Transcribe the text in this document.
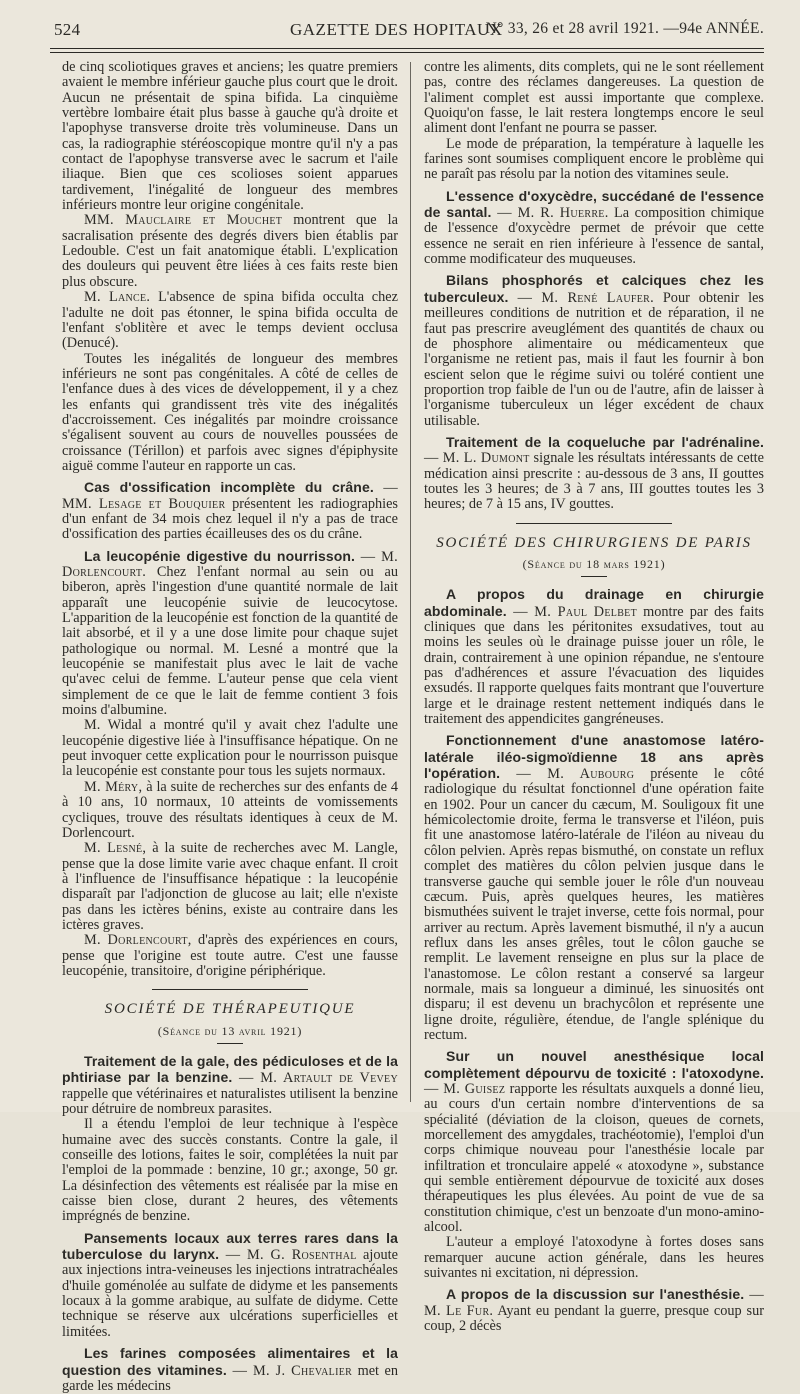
524	GAZETTE DES HOPITAUX
N° 33, 26 et 28 avril 1921. —94e ANNÉE.

de cinq scoliotiques graves et anciens; les quatre premiers avaient le membre inférieur gauche plus court que le droit. Aucun ne présentait de spina bifida. La cinquième vertèbre lombaire était plus basse à gauche qu'à droite et l'apophyse transverse droite très volumineuse. Dans un cas, la radiographie stéréoscopique montre qu'il n'y a pas contact de l'apophyse transverse avec le sacrum et l'aile iliaque. Bien que ces scolioses soient apparues tardivement, l'inégalité de longueur des membres inférieurs montre leur origine congénitale.

MM. Mauclaire et Mouchet montrent que la sacralisation présente des degrés divers bien établis par Ledouble. C'est un fait anatomique établi. L'explication des douleurs qui peuvent être liées à ces faits reste bien plus obscure.

M. Lance. L'absence de spina bifida occulta chez l'adulte ne doit pas étonner, le spina bifida occulta de l'enfant s'oblitère et avec le temps devient occlusa (Denucé).

Toutes les inégalités de longueur des membres inférieurs ne sont pas congénitales. A côté de celles de l'enfance dues à des vices de développement, il y a chez les enfants qui grandissent très vite des inégalités d'accroissement. Ces inégalités par moindre croissance s'égalisent souvent au cours de nouvelles poussées de croissance (Térillon) et parfois avec signes d'épiphysite aiguë comme l'auteur en rapporte un cas.

Cas d'ossification incomplète du crâne. — MM. Lesage et Bouquier présentent les radiographies d'un enfant de 34 mois chez lequel il n'y a pas de trace d'ossification des parties écailleuses des os du crâne.

La leucopénie digestive du nourrisson. — M. Dorlencourt. Chez l'enfant normal au sein ou au biberon, après l'ingestion d'une quantité normale de lait apparaît une leucopénie suivie de leucocytose. L'apparition de la leucopénie est fonction de la quantité de lait absorbé, et il y a une dose limite pour chaque sujet pathologique ou normal. M. Lesné a montré que la leucopénie se manifestait plus avec le lait de vache qu'avec celui de femme. L'auteur pense que cela vient simplement de ce que le lait de femme contient 3 fois moins d'albumine.

M. Widal a montré qu'il y avait chez l'adulte une leucopénie digestive liée à l'insuffisance hépatique. On ne peut invoquer cette explication pour le nourrisson puisque la leucopénie est constante pour tous les sujets normaux.

M. Méry, à la suite de recherches sur des enfants de 4 à 10 ans, 10 normaux, 10 atteints de vomissements cycliques, trouve des résultats identiques à ceux de M. Dorlencourt.

M. Lesné, à la suite de recherches avec M. Langle, pense que la dose limite varie avec chaque enfant. Il croit à l'influence de l'insuffisance hépatique : la leucopénie disparaît par l'adjonction de glucose au lait; elle n'existe pas dans les ictères bénins, existe au contraire dans les ictères graves.

M. Dorlencourt, d'après des expériences en cours, pense que l'origine est toute autre. C'est une fausse leucopénie, transitoire, d'origine périphérique.

SOCIÉTÉ DE THÉRAPEUTIQUE

(Séance du 13 avril 1921)

Traitement de la gale, des pédiculoses et de la phtiriase par la benzine. — M. Artault de Vevey rappelle que vétérinaires et naturalistes utilisent la benzine pour détruire de nombreux parasites.

Il a étendu l'emploi de leur technique à l'espèce humaine avec des succès constants. Contre la gale, il conseille des lotions, faites le soir, complétées la nuit par l'emploi de la pommade : benzine, 10 gr.; axonge, 50 gr. La désinfection des vêtements est réalisée par la mise en caisse bien close, durant 2 heures, des vêtements imprégnés de benzine.

Pansements locaux aux terres rares dans la tuberculose du larynx. — M. G. Rosenthal ajoute aux injections intra-veineuses les injections intratrachéales d'huile goménolée au sulfate de didyme et les pansements locaux à la gomme arabique, au sulfate de didyme. Cette technique se réserve aux ulcérations superficielles et limitées.

Les farines composées alimentaires et la question des vitamines. — M. J. Chevalier met en garde les médecins

contre les aliments, dits complets, qui ne le sont réellement pas, contre des réclames dangereuses. La question de l'aliment complet est aussi importante que complexe. Quoiqu'on fasse, le lait restera longtemps encore le seul aliment dont l'enfant ne pourra se passer.

Le mode de préparation, la température à laquelle les farines sont soumises compliquent encore le problème qui ne paraît pas résolu par la notion des vitamines seule.

L'essence d'oxycèdre, succédané de l'essence de santal. — M. R. Huerre. La composition chimique de l'essence d'oxycèdre permet de prévoir que cette essence ne serait en rien inférieure à l'essence de santal, comme modificateur des muqueuses.

Bilans phosphorés et calciques chez les tuberculeux. — M. René Laufer. Pour obtenir les meilleures conditions de nutrition et de réparation, il ne faut pas prescrire aveuglément des quantités de chaux ou de phosphore alimentaire ou médicamenteux que l'organisme ne retient pas, mais il faut les fournir à bon escient selon que le régime suivi ou toléré contient une proportion trop faible de l'un ou de l'autre, afin de laisser à l'organisme tuberculeux un léger excédent de chaux utilisable.

Traitement de la coqueluche par l'adrénaline. — M. L. Dumont signale les résultats intéressants de cette médication ainsi prescrite : au-dessous de 3 ans, II gouttes toutes les 3 heures; de 3 à 7 ans, III gouttes toutes les 3 heures; de 7 à 15 ans, IV gouttes.

SOCIÉTÉ DES CHIRURGIENS DE PARIS

(Séance du 18 mars 1921)

A propos du drainage en chirurgie abdominale. — M. Paul Delbet montre par des faits cliniques que dans les péritonites exsudatives, tout au moins les seules où le drainage puisse jouer un rôle, le drain, contrairement à une opinion répandue, ne s'entoure pas d'adhérences et assure l'évacuation des liquides exsudés. Il rapporte quelques faits montrant que l'ouverture large et le drainage restent nettement indiqués dans le traitement des appendicites gangréneuses.

Fonctionnement d'une anastomose latéro-latérale iléo-sigmoïdienne 18 ans après l'opération. — M. Aubourg présente le côté radiologique du résultat fonctionnel d'une opération faite en 1902. Pour un cancer du cæcum, M. Souligoux fit une hémicolectomie droite, ferma le transverse et l'iléon, puis fit une anastomose latéro-latérale de l'iléon au niveau du côlon pelvien. Après repas bismuthé, on constate un reflux complet des matières du côlon pelvien jusque dans le transverse gauche qui semble jouer le rôle d'un nouveau cæcum. Puis, après quelques heures, les matières bismuthées suivent le trajet inverse, cette fois normal, pour arriver au rectum. Après lavement bismuthé, il n'y a aucun reflux dans les anses grêles, tout le côlon gauche se remplit. Le lavement renseigne en plus sur la place de l'anastomose. Le côlon restant a conservé sa largeur normale, mais sa longueur a diminué, les sinuosités ont disparu; il est devenu un brachycôlon et représente une ligne droite, régulière, étendue, de l'angle splénique du rectum.

Sur un nouvel anesthésique local complètement dépourvu de toxicité : l'atoxodyne. — M. Guisez rapporte les résultats auxquels a donné lieu, au cours d'un certain nombre d'interventions de sa spécialité (déviation de la cloison, queues de cornets, morcellement des amygdales, trachéotomie), l'emploi d'un corps chimique nouveau pour l'anesthésie locale par infiltration et tronculaire appelé « atoxodyne », substance qui semble entièrement dépourvue de toxicité aux doses thérapeutiques les plus élevées. Au point de vue de sa constitution chimique, c'est un benzoate d'un mono-amino-alcool.

L'auteur a employé l'atoxodyne à fortes doses sans remarquer aucune action générale, dans les heures suivantes ni excitation, ni dépression.

A propos de la discussion sur l'anesthésie. — M. Le Fur. Ayant eu pendant la guerre, presque coup sur coup, 2 décès
